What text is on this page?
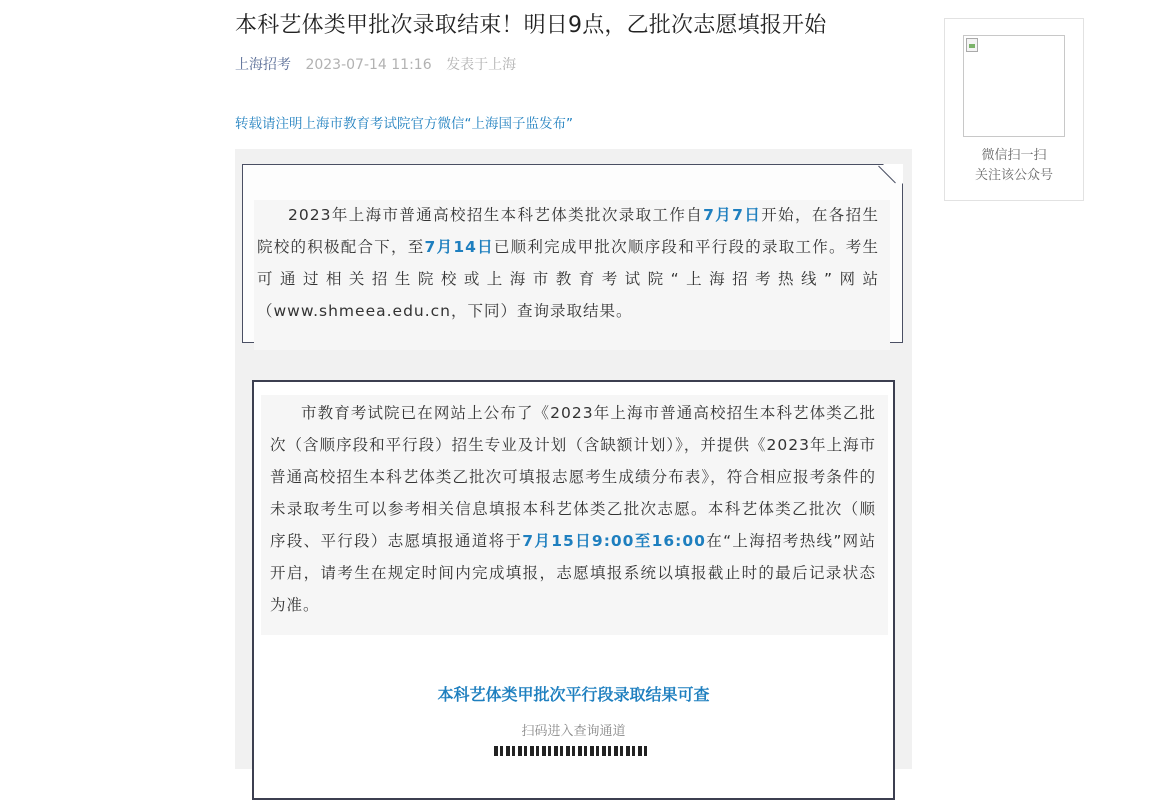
本科艺体类甲批次录取结束！明日9点，乙批次志愿填报开始
上海招考 2023-07-14 11:16 发表于上海
转载请注明上海市教育考试院官方微信“上海国子监发布”

2023年上海市普通高校招生本科艺体类批次录取工作自7月7日开始，在各招生院校的积极配合下，至7月14日已顺利完成甲批次顺序段和平行段的录取工作。考生可通过相关招生院校或上海市教育考试院“上海招考热线”网站（www.shmeea.edu.cn，下同）查询录取结果。

市教育考试院已在网站上公布了《2023年上海市普通高校招生本科艺体类乙批次（含顺序段和平行段）招生专业及计划（含缺额计划）》，并提供《2023年上海市普通高校招生本科艺体类乙批次可填报志愿考生成绩分布表》，符合相应报考条件的未录取考生可以参考相关信息填报本科艺体类乙批次志愿。本科艺体类乙批次（顺序段、平行段）志愿填报通道将于7月15日9:00至16:00在“上海招考热线”网站开启，请考生在规定时间内完成填报，志愿填报系统以填报截止时的最后记录状态为准。

本科艺体类甲批次平行段录取结果可查
扫码进入查询通道
微信扫一扫
关注该公众号
